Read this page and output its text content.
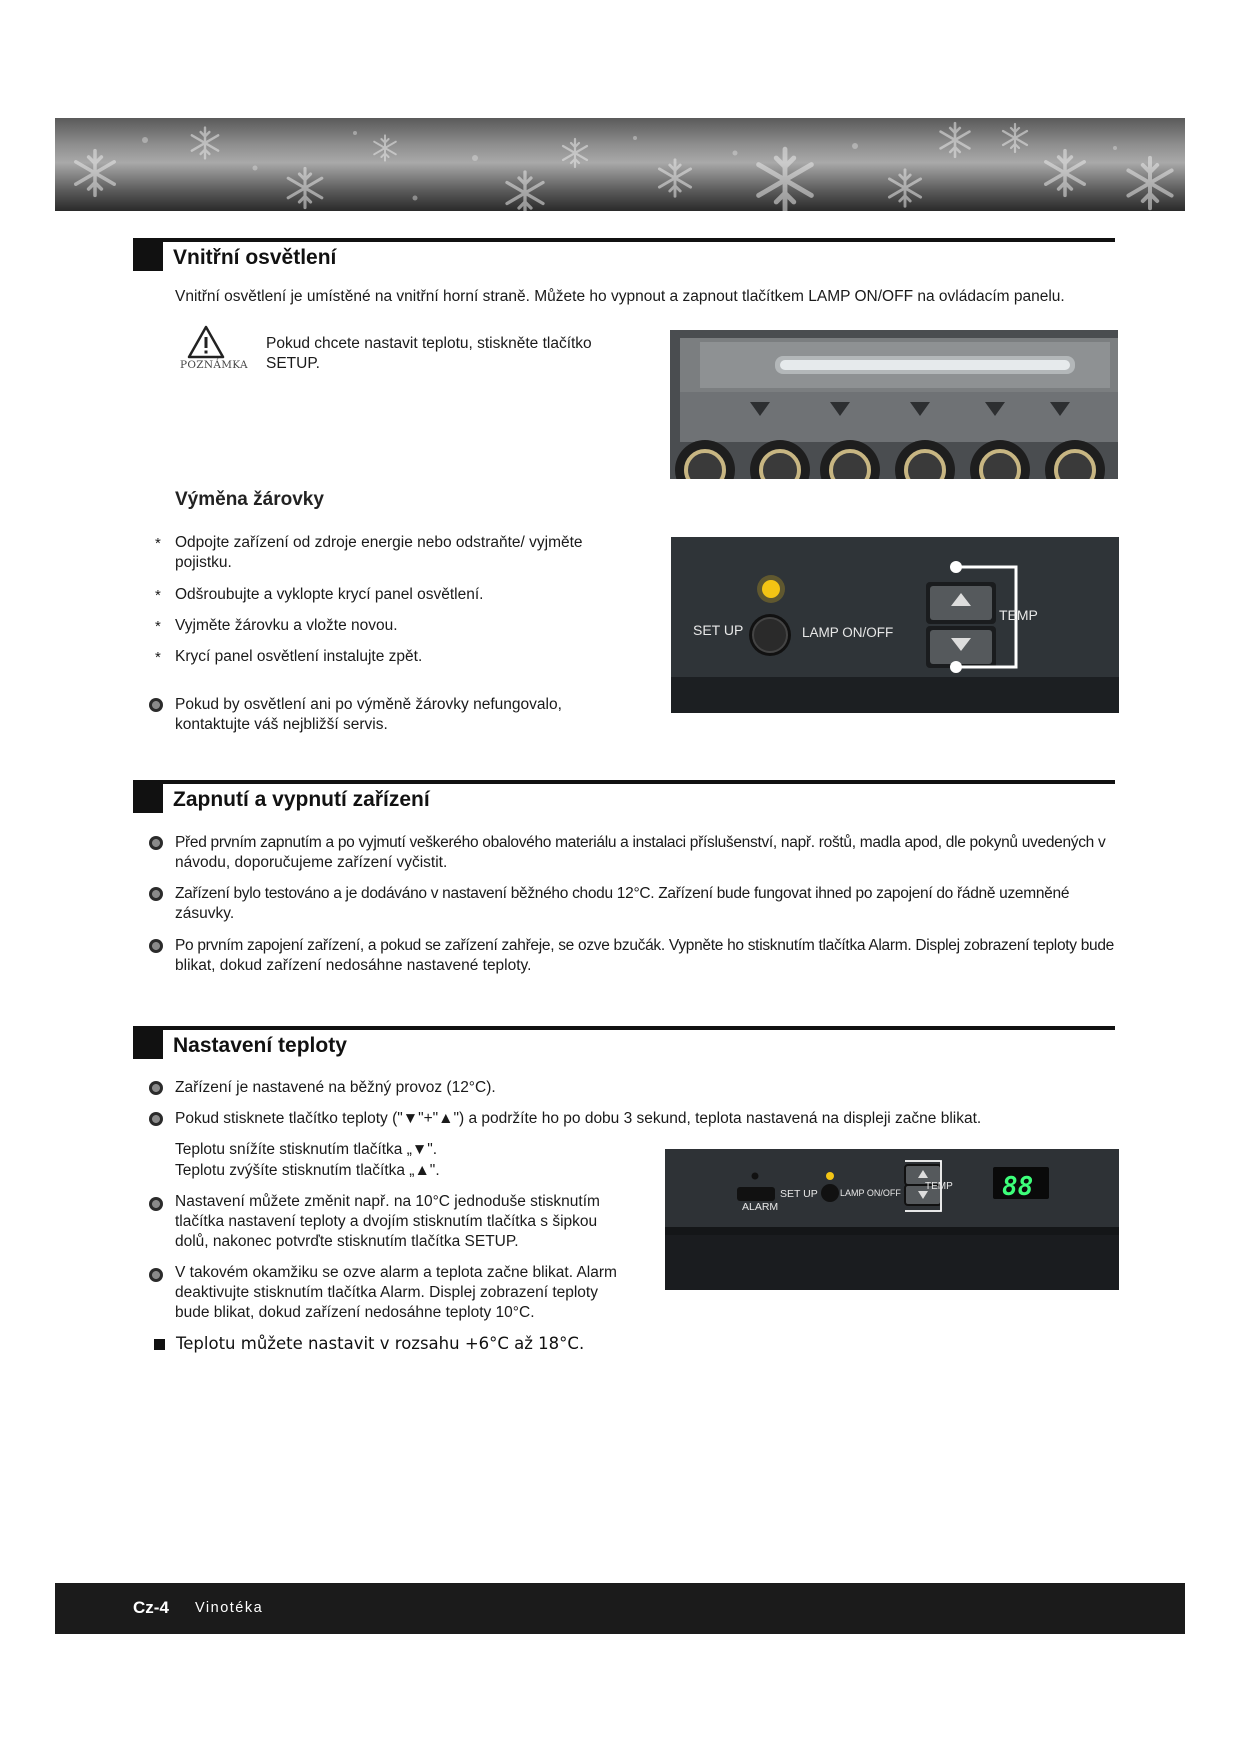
Vnitřní osvětlení
Vnitřní osvětlení je umístěné na vnitřní horní straně. Můžete ho vypnout a zapnout tlačítkem LAMP ON/OFF na ovládacím panelu.
POZNÁMKA
Pokud chcete nastavit teplotu, stiskněte tlačítko
SETUP.
Výměna žárovky
* Odpojte zařízení od zdroje energie nebo odstraňte/ vyjměte
pojistku.
* Odšroubujte a vyklopte krycí panel osvětlení.
* Vyjměte žárovku a vložte novou.
* Krycí panel osvětlení instalujte zpět.
Pokud by osvětlení ani po výměně žárovky nefungovalo,
kontaktujte váš nejbližší servis.
SET UP	LAMP ON/OFF
TEMP
Zapnutí a vypnutí zařízení
Před prvním zapnutím a po vyjmutí veškerého obalového materiálu a instalaci příslušenství, např. roštů, madla apod, dle pokynů uvedených v
návodu, doporučujeme zařízení vyčistit.
Zařízení bylo testováno a je dodáváno v nastavení běžného chodu 12°C. Zařízení bude fungovat ihned po zapojení do řádně uzemněné
zásuvky.
Po prvním zapojení zařízení, a pokud se zařízení zahřeje, se ozve bzučák. Vypněte ho stisknutím tlačítka Alarm. Displej zobrazení teploty bude
blikat, dokud zařízení nedosáhne nastavené teploty.
Nastavení teploty
Zařízení je nastavené na běžný provoz (12°C).
Pokud stisknete tlačítko teploty ("▼"+"▲") a podržíte ho po dobu 3 sekund, teplota nastavená na displeji začne blikat.
Teplotu snížíte stisknutím tlačítka „▼".
Teplotu zvýšíte stisknutím tlačítka „▲".
Nastavení můžete změnit např. na 10°C jednoduše stisknutím
tlačítka nastavení teploty a dvojím stisknutím tlačítka s šipkou
dolů, nakonec potvrďte stisknutím tlačítka SETUP.
V takovém okamžiku se ozve alarm a teplota začne blikat. Alarm
deaktivujte stisknutím tlačítka Alarm. Displej zobrazení teploty
bude blikat, dokud zařízení nedosáhne teploty 10°C.
Teplotu můžete nastavit v rozsahu +6°C až 18°C.
ALARM
SET UP LAMP ON/OFF
TEMP 88
Cz-4 Vinotéka
